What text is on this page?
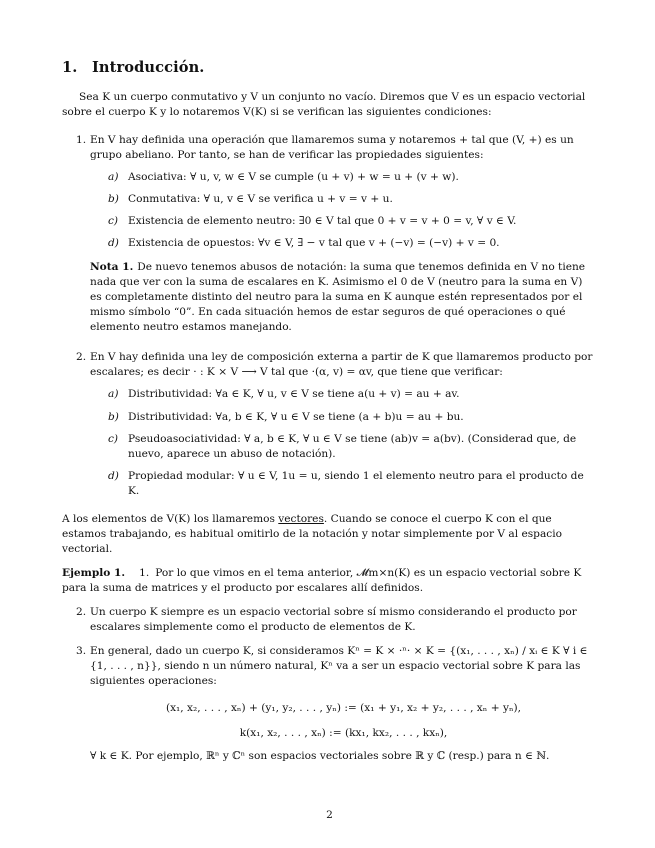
1. Introducción.

Sea K un cuerpo conmutativo y V un conjunto no vacío. Diremos que V es un espacio vectorial sobre el cuerpo K y lo notaremos V(K) si se verifican las siguientes condiciones:

1. En V hay definida una operación que llamaremos suma y notaremos + tal que (V, +) es un grupo abeliano. Por tanto, se han de verificar las propiedades siguientes:

a) Asociativa: ∀ u, v, w ∈ V se cumple (u + v) + w = u + (v + w).

b) Conmutativa: ∀ u, v ∈ V se verifica u + v = v + u.

c) Existencia de elemento neutro: ∃0 ∈ V tal que 0 + v = v + 0 = v, ∀ v ∈ V.

d) Existencia de opuestos: ∀v ∈ V, ∃ − v tal que v + (−v) = (−v) + v = 0.

Nota 1. De nuevo tenemos abusos de notación: la suma que tenemos definida en V no tiene nada que ver con la suma de escalares en K. Asimismo el 0 de V (neutro para la suma en V) es completamente distinto del neutro para la suma en K aunque estén representados por el mismo símbolo “0”. En cada situación hemos de estar seguros de qué operaciones o qué elemento neutro estamos manejando.

2. En V hay definida una ley de composición externa a partir de K que llamaremos producto por escalares; es decir · : K × V ⟶ V tal que ·(α, v) = αv, que tiene que verificar:

a) Distributividad: ∀a ∈ K, ∀ u, v ∈ V se tiene a(u + v) = au + av.

b) Distributividad: ∀a, b ∈ K, ∀ u ∈ V se tiene (a + b)u = au + bu.

c) Pseudoasociatividad: ∀ a, b ∈ K, ∀ u ∈ V se tiene (ab)v = a(bv). (Considerad que, de nuevo, aparece un abuso de notación).

d) Propiedad modular: ∀ u ∈ V, 1u = u, siendo 1 el elemento neutro para el producto de K.

A los elementos de V(K) los llamaremos vectores. Cuando se conoce el cuerpo K con el que estamos trabajando, es habitual omitirlo de la notación y notar simplemente por V al espacio vectorial.

Ejemplo 1. 1. Por lo que vimos en el tema anterior, 𝓜m×n(K) es un espacio vectorial sobre K para la suma de matrices y el producto por escalares allí definidos.

2. Un cuerpo K siempre es un espacio vectorial sobre sí mismo considerando el producto por escalares simplemente como el producto de elementos de K.

3. En general, dado un cuerpo K, si consideramos Kⁿ = K × ·ⁿ· × K = {(x₁, . . . , xₙ) / xᵢ ∈ K ∀ i ∈ {1, . . . , n}}, siendo n un número natural, Kⁿ va a ser un espacio vectorial sobre K para las siguientes operaciones:

(x₁, x₂, . . . , xₙ) + (y₁, y₂, . . . , yₙ) := (x₁ + y₁, x₂ + y₂, . . . , xₙ + yₙ),

k(x₁, x₂, . . . , xₙ) := (kx₁, kx₂, . . . , kxₙ),

∀ k ∈ K. Por ejemplo, ℝⁿ y ℂⁿ son espacios vectoriales sobre ℝ y ℂ (resp.) para n ∈ ℕ.

2
